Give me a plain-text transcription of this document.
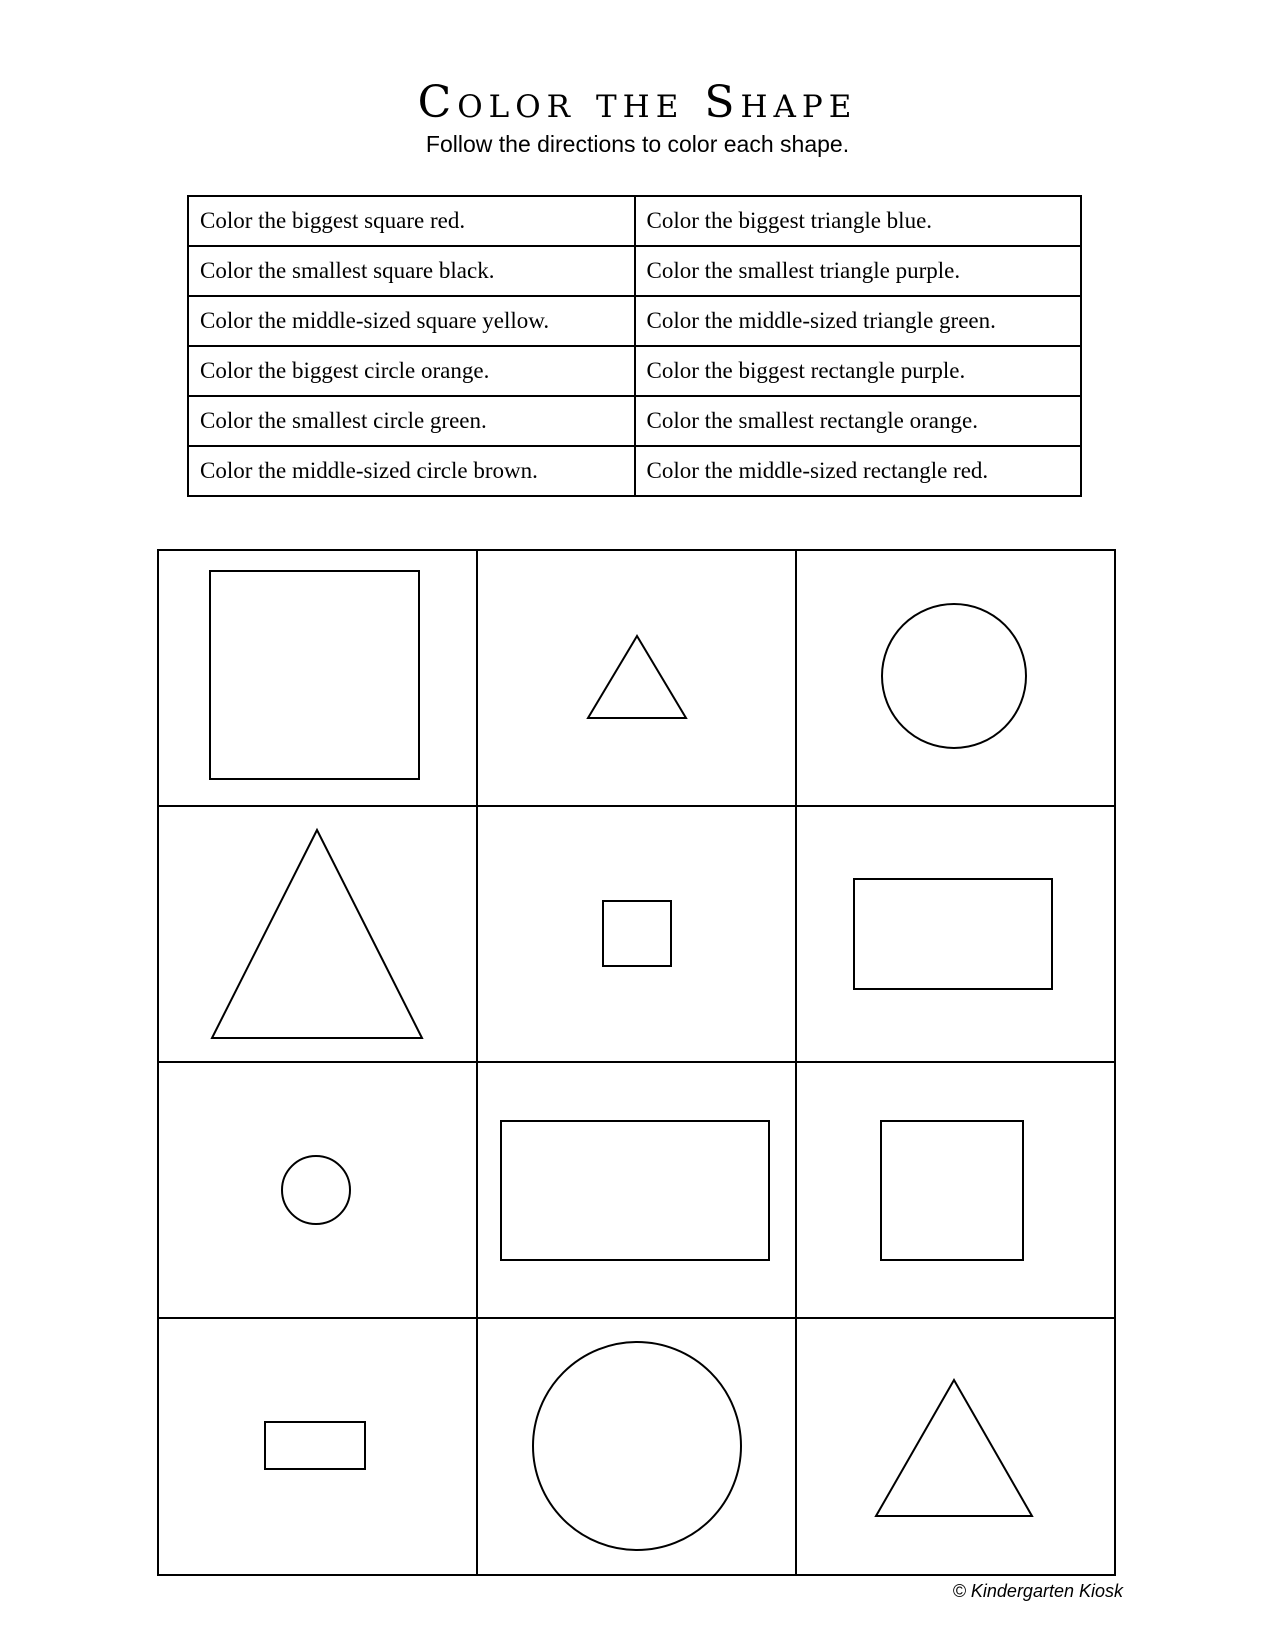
Color the Shape
Follow the directions to color each shape.
Color the biggest square red.	Color the biggest triangle blue.
Color the smallest square black.	Color the smallest triangle purple.
Color the middle-sized square yellow.	Color the middle-sized triangle green.
Color the biggest circle orange.	Color the biggest rectangle purple.
Color the smallest circle green.	Color the smallest rectangle orange.
Color the middle-sized circle brown.	Color the middle-sized rectangle red.
© Kindergarten Kiosk
